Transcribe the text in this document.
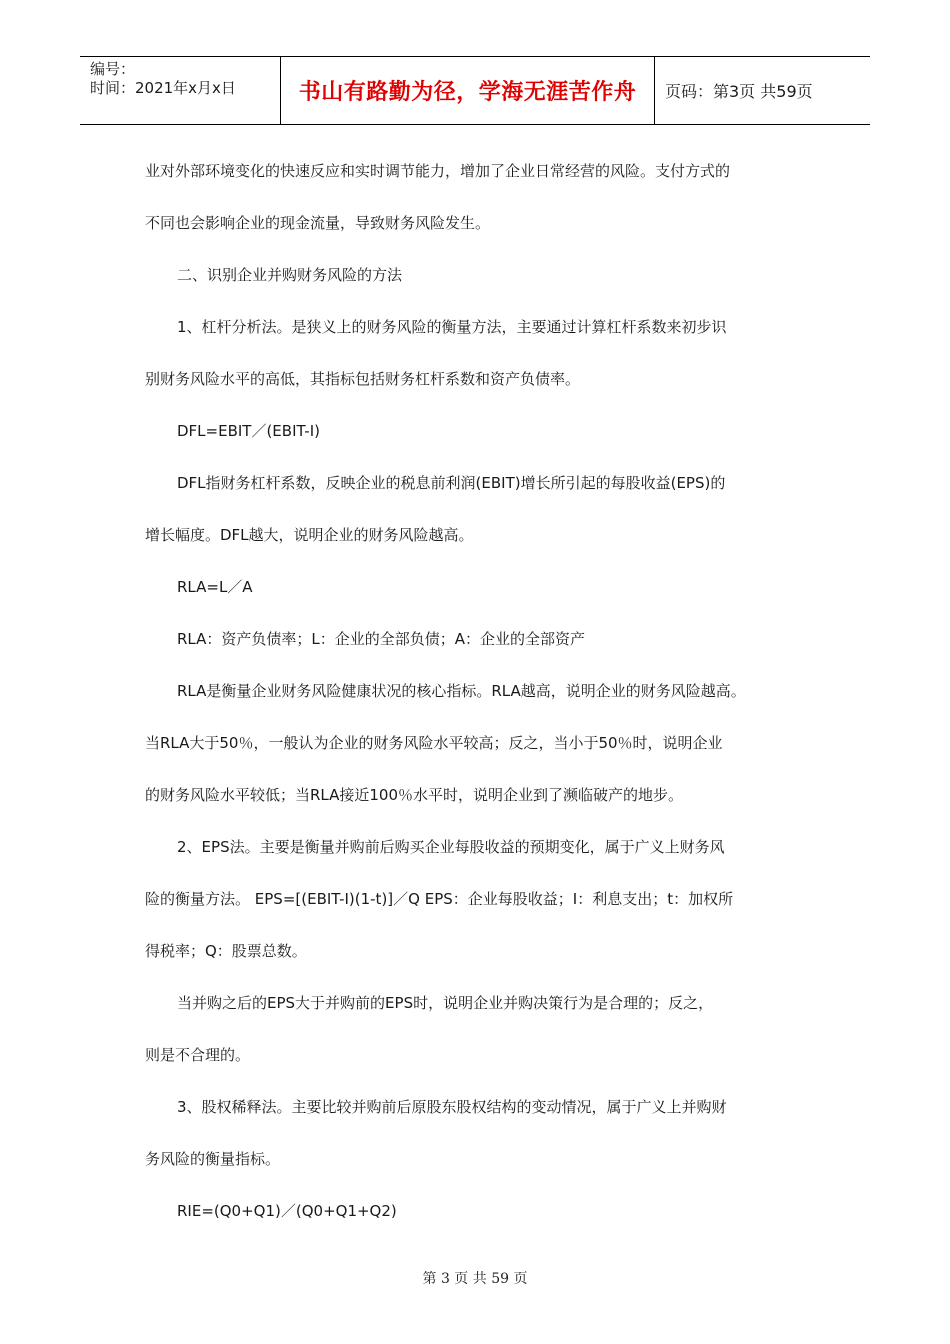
编号：
时间：2021年x月x日	书山有路勤为径，学海无涯苦作舟	页码：第3页 共59页
业对外部环境变化的快速反应和实时调节能力，增加了企业日常经营的风险。支付方式的
不同也会影响企业的现金流量，导致财务风险发生。
二、识别企业并购财务风险的方法
1、杠杆分析法。是狭义上的财务风险的衡量方法，主要通过计算杠杆系数来初步识
别财务风险水平的高低，其指标包括财务杠杆系数和资产负债率。
DFL=EBIT／(EBIT-I)
DFL指财务杠杆系数，反映企业的税息前利润(EBIT)增长所引起的每股收益(EPS)的
增长幅度。DFL越大，说明企业的财务风险越高。
RLA=L／A
RLA：资产负债率；L：企业的全部负债；A：企业的全部资产
RLA是衡量企业财务风险健康状况的核心指标。RLA越高，说明企业的财务风险越高。
当RLA大于50％，一般认为企业的财务风险水平较高；反之，当小于50％时，说明企业
的财务风险水平较低；当RLA接近100％水平时，说明企业到了濒临破产的地步。
2、EPS法。主要是衡量并购前后购买企业每股收益的预期变化，属于广义上财务风
险的衡量方法。 EPS=[(EBIT-I)(1-t)]／Q EPS：企业每股收益；I：利息支出；t：加权所
得税率；Q：股票总数。
当并购之后的EPS大于并购前的EPS时，说明企业并购决策行为是合理的；反之，
则是不合理的。
3、股权稀释法。主要比较并购前后原股东股权结构的变动情况，属于广义上并购财
务风险的衡量指标。
RIE=(Q0+Q1)／(Q0+Q1+Q2)
第 3 页 共 59 页
